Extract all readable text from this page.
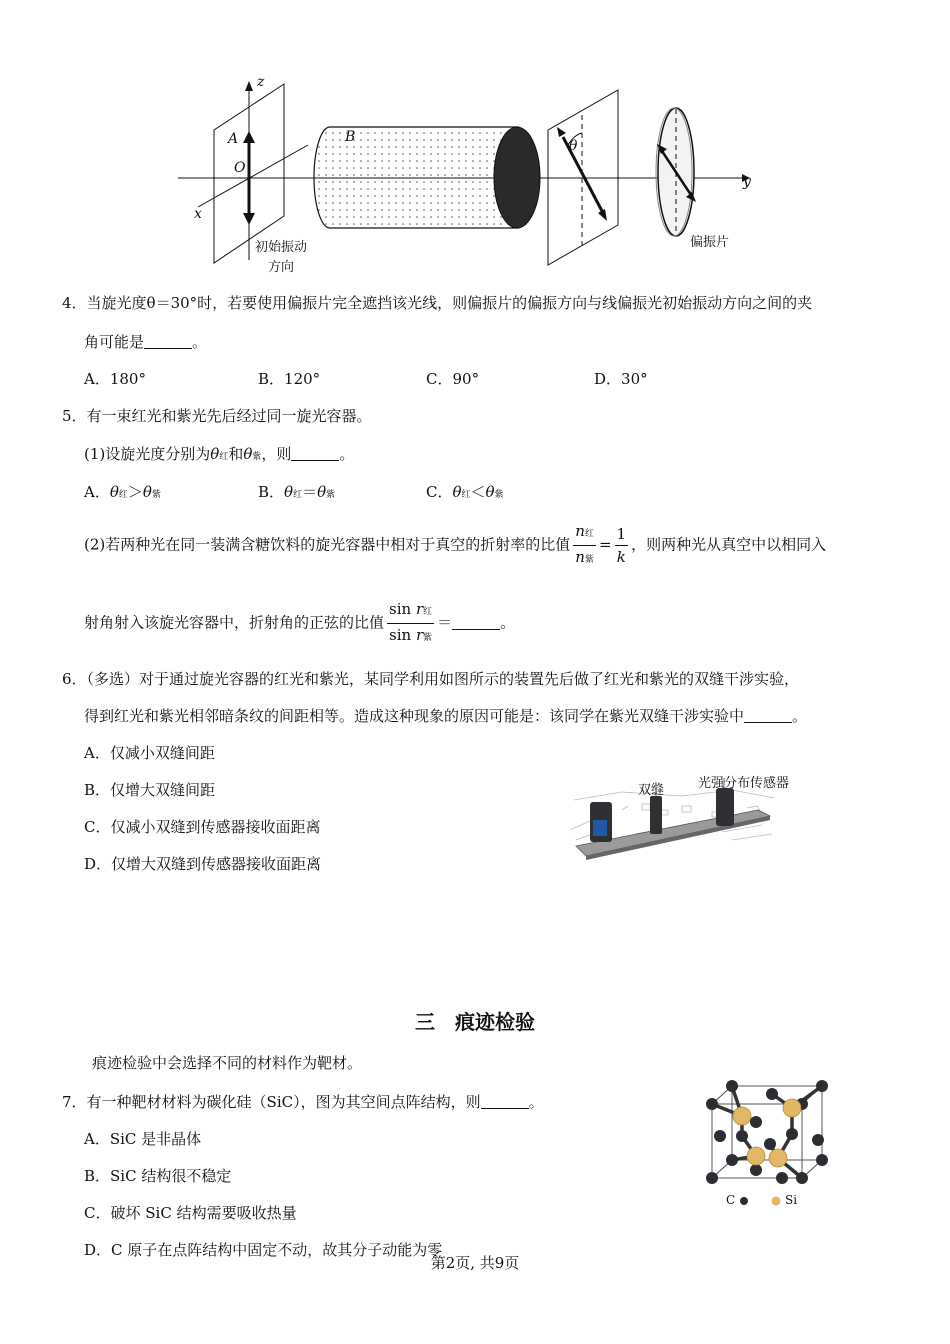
z
x
y
A
O
B
θ
初始振动
方向
偏振片
4．当旋光度θ＝30°时，若要使用偏振片完全遮挡该光线，则偏振片的偏振方向与线偏振光初始振动方向之间的夹
角可能是	。
A．180°	B．120°	C．90°	D．30°
5．有一束红光和紫光先后经过同一旋光容器。
(1)设旋光度分别为θ红和θ紫，则	。
A．θ红＞θ紫	B．θ红＝θ紫	C．θ红＜θ紫
(2)若两种光在同一装满含糖饮料的旋光容器中相对于真空的折射率的比值 $\frac{\text{n红}}{\text{n紫}} = \frac{1}{k}$ ，则两种光从真空中以相同入
射角射入该旋光容器中，折射角的正弦的比值 $\frac{\text{sin r红}}{\text{sin r紫}}$ ＝	。
6．（多选）对于通过旋光容器的红光和紫光，某同学利用如图所示的装置先后做了红光和紫光的双缝干涉实验，
得到红光和紫光相邻暗条纹的间距相等。造成这种现象的原因可能是：该同学在紫光双缝干涉实验中	。
A．仅减小双缝间距
B．仅增大双缝间距
C．仅减小双缝到传感器接收面距离
D．仅增大双缝到传感器接收面距离
双缝	光强分布传感器
三　痕迹检验
痕迹检验中会选择不同的材料作为靶材。
7．有一种靶材材料为碳化硅（SiC），图为其空间点阵结构，则	。
A．SiC 是非晶体
B．SiC 结构很不稳定
C．破坏 SiC 结构需要吸收热量
D．C 原子在点阵结构中固定不动，故其分子动能为零
C	Si
第2页, 共9页
